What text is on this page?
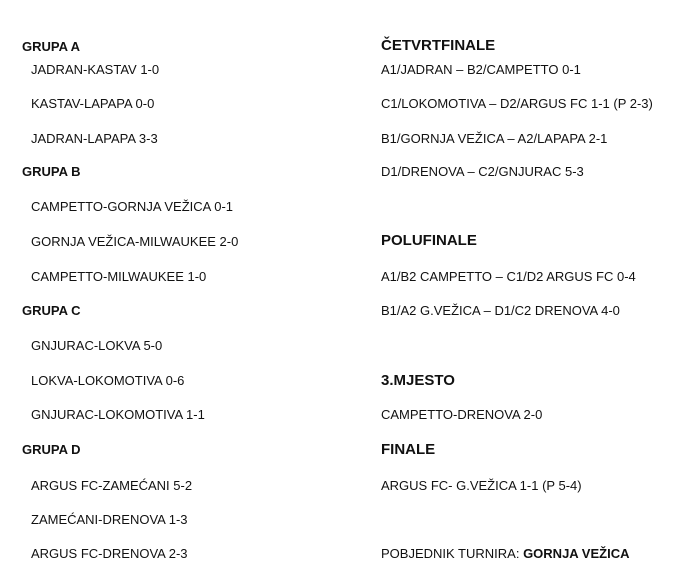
GRUPA A
JADRAN-KASTAV 1-0
KASTAV-LAPAPA 0-0
JADRAN-LAPAPA 3-3
GRUPA B
CAMPETTO-GORNJA VEŽICA 0-1
GORNJA VEŽICA-MILWAUKEE 2-0
CAMPETTO-MILWAUKEE 1-0
GRUPA C
GNJURAC-LOKVA 5-0
LOKVA-LOKOMOTIVA 0-6
GNJURAC-LOKOMOTIVA 1-1
GRUPA D
ARGUS FC-ZAMEĆANI 5-2
ZAMEĆANI-DRENOVA 1-3
ARGUS FC-DRENOVA 2-3
ČETVRTFINALE
A1/JADRAN – B2/CAMPETTO 0-1
C1/LOKOMOTIVA – D2/ARGUS FC 1-1 (P 2-3)
B1/GORNJA VEŽICA – A2/LAPAPA 2-1
D1/DRENOVA – C2/GNJURAC 5-3
POLUFINALE
A1/B2 CAMPETTO – C1/D2 ARGUS FC 0-4
B1/A2 G.VEŽICA – D1/C2 DRENOVA 4-0
3.MJESTO
CAMPETTO-DRENOVA 2-0
FINALE
ARGUS FC- G.VEŽICA 1-1 (P 5-4)
POBJEDNIK TURNIRA: GORNJA VEŽICA
